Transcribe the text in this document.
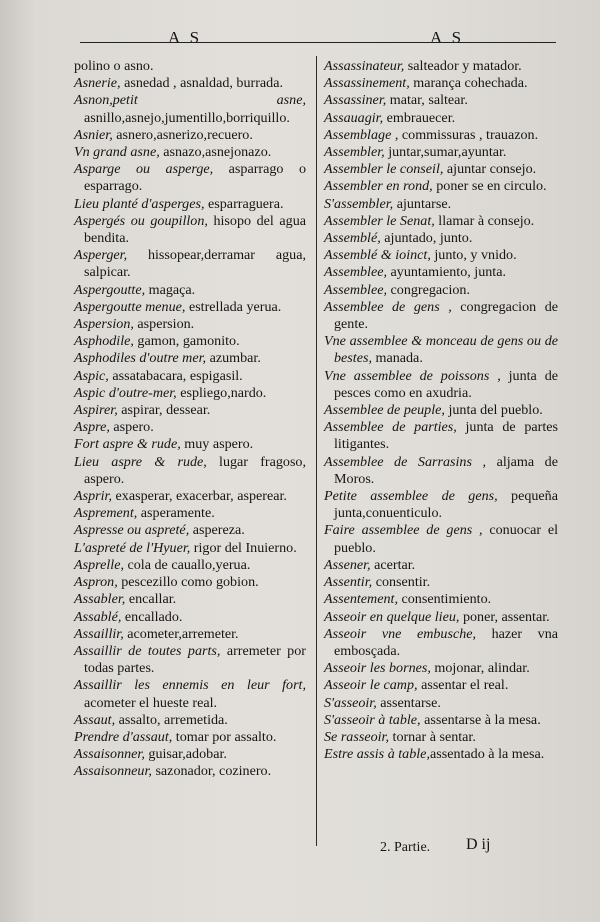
A S	A S

polino o asno.

Asnerie, asnedad , asnaldad, burrada.

Asnon,petit asne, asnillo,asnejo,jumentillo,borriquillo.

Asnier, asnero,asnerizo,recuero.

Vn grand asne, asnazo,asnejonazo.

Asparge ou asperge, asparrago o esparrago.

Lieu planté d'asperges, esparraguera.

Aspergés ou goupillon, hisopo del agua bendita.

Asperger, hissopear,derramar agua, salpicar.

Aspergoutte, magaça.

Aspergoutte menue, estrellada yerua.

Aspersion, aspersion.

Asphodile, gamon, gamonito.

Asphodiles d'outre mer, azumbar.

Aspic, assatabacara, espigasil.

Aspic d'outre-mer, espliego,nardo.

Aspirer, aspirar, dessear.

Aspre, aspero.

Fort aspre & rude, muy aspero.

Lieu aspre & rude, lugar fragoso, aspero.

Asprir, exasperar, exacerbar, asperear.

Asprement, asperamente.

Aspresse ou aspreté, aspereza.

L'aspreté de l'Hyuer, rigor del Inuierno.

Asprelle, cola de cauallo,yerua.

Aspron, pescezillo como gobion.

Assabler, encallar.

Assablé, encallado.

Assaillir, acometer,arremeter.

Assaillir de toutes parts, arremeter por todas partes.

Assaillir les ennemis en leur fort, acometer el hueste real.

Assaut, assalto, arremetida.

Prendre d'assaut, tomar por assalto.

Assaisonner, guisar,adobar.

Assaisonneur, sazonador, cozinero.

Assassinateur, salteador y matador.

Assassinement, marança cohechada.

Assassiner, matar, saltear.

Assauagir, embrauecer.

Assemblage , commissuras , trauazon.

Assembler, juntar,sumar,ayuntar.

Assembler le conseil, ajuntar consejo.

Assembler en rond, poner se en circulo.

S'assembler, ajuntarse.

Assembler le Senat, llamar à consejo.

Assemblé, ajuntado, junto.

Assemblé & ioinct, junto, y vnido.

Assemblee, ayuntamiento, junta.

Assemblee, congregacion.

Assemblee de gens , congregacion de gente.

Vne assemblee & monceau de gens ou de bestes, manada.

Vne assemblee de poissons , junta de pesces como en axudria.

Assemblee de peuple, junta del pueblo.

Assemblee de parties, junta de partes litigantes.

Assemblee de Sarrasins , aljama de Moros.

Petite assemblee de gens, pequeña junta,conuenticulo.

Faire assemblee de gens , conuocar el pueblo.

Assener, acertar.

Assentir, consentir.

Assentement, consentimiento.

Asseoir en quelque lieu, poner, assentar.

Asseoir vne embusche, hazer vna embosçada.

Asseoir les bornes, mojonar, alindar.

Asseoir le camp, assentar el real.

S'asseoir, assentarse.

S'asseoir à table, assentarse à la mesa.

Se rasseoir, tornar à sentar.

Estre assis à table,assentado à la mesa.

2. Partie. D ij
